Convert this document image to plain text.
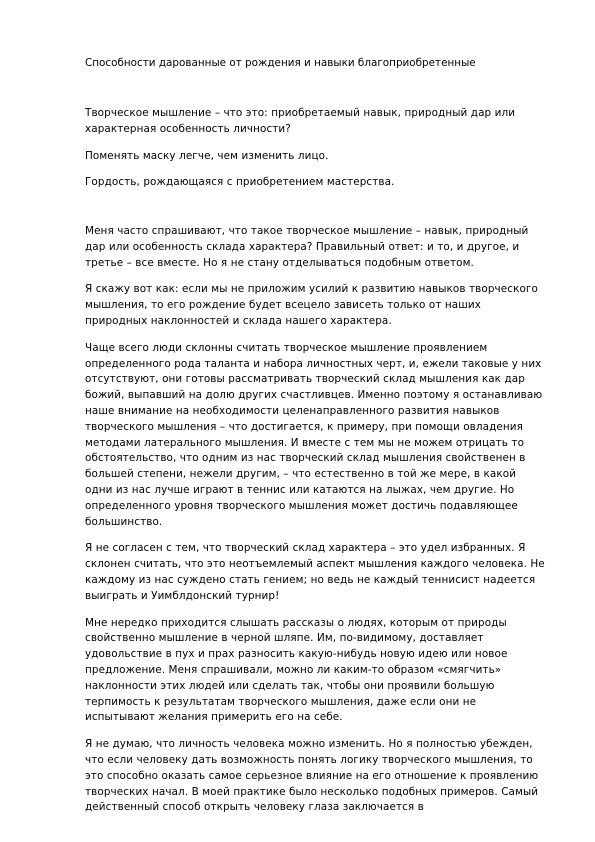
Способности дарованные от рождения и навыки благоприобретенные

Творческое мышление – что это: приобретаемый навык, природный дар или характерная особенность личности?

Поменять маску легче, чем изменить лицо.

Гордость, рождающаяся с приобретением мастерства.

Меня часто спрашивают, что такое творческое мышление – навык, природный дар или особенность склада характера? Правильный ответ: и то, и другое, и третье – все вместе. Но я не стану отделываться подобным ответом.

Я скажу вот как: если мы не приложим усилий к развитию навыков творческого мышления, то его рождение будет всецело зависеть только от наших природных наклонностей и склада нашего характера.

Чаще всего люди склонны считать творческое мышление проявлением определенного рода таланта и набора личностных черт, и, ежели таковые у них отсутствуют, они готовы рассматривать творческий склад мышления как дар божий, выпавший на долю других счастливцев. Именно поэтому я останавливаю наше внимание на необходимости целенаправленного развития навыков творческого мышления – что достигается, к примеру, при помощи овладения методами латерального мышления. И вместе с тем мы не можем отрицать то обстоятельство, что одним из нас творческий склад мышления свойственен в большей степени, нежели другим, – что естественно в той же мере, в какой одни из нас лучше играют в теннис или катаются на лыжах, чем другие. Но определенного уровня творческого мышления может достичь подавляющее большинство.

Я не согласен с тем, что творческий склад характера – это удел избранных. Я склонен считать, что это неотъемлемый аспект мышления каждого человека. Не каждому из нас суждено стать гением; но ведь не каждый теннисист надеется выиграть и Уимблдонский турнир!

Мне нередко приходится слышать рассказы о людях, которым от природы свойственно мышление в черной шляпе. Им, по-видимому, доставляет удовольствие в пух и прах разносить какую-нибудь новую идею или новое предложение. Меня спрашивали, можно ли каким-то образом «смягчить» наклонности этих людей или сделать так, чтобы они проявили большую терпимость к результатам творческого мышления, даже если они не испытывают желания примерить его на себе.

Я не думаю, что личность человека можно изменить. Но я полностью убежден, что если человеку дать возможность понять логику творческого мышления, то это способно оказать самое серьезное влияние на его отношение к проявлению творческих начал. В моей практике было несколько подобных примеров. Самый действенный способ открыть человеку глаза заключается в
